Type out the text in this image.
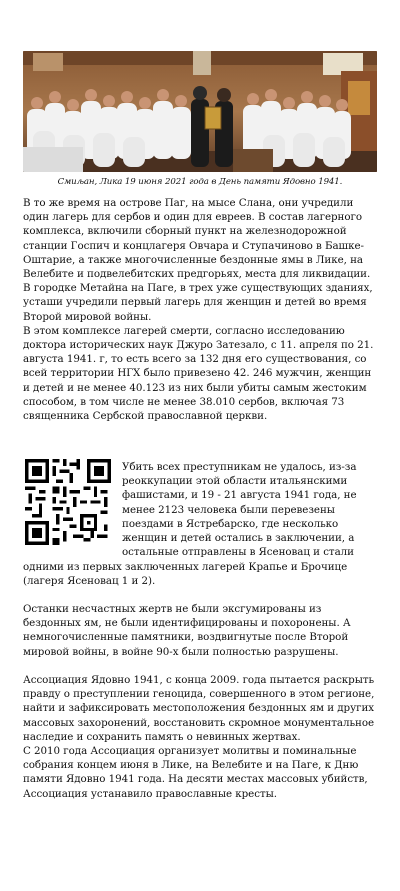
Смиљан, Лика 19 июня 2021 года в День памяти Ядовно 1941.

В то же время на острове Паг, на мысе Слана, они учредили один лагерь для сербов и один для евреев. В состав лагерного комплекса, включили сборный пункт на железнодорожной станции Госпич и концлагеря Овчара и Ступачиново в Башке-Оштарие, а также многочисленные бездонные ямы в Лике, на Велебите и подвелебитских предгорьях, места для ликвидации.

В городке Метайна на Паге, в трех уже существующих зданиях, усташи учредили первый лагерь для женщин и детей во время Второй мировой войны.

В этом комплексе лагерей смерти, согласно исследованию доктора исторических наук Джуро Затезало, с 11. апреля по 21. августа 1941. г, то есть всего за 132 дня его существования, со всей территории НГХ было привезено 42. 246 мужчин, женщин и детей и не менее 40.123 из них были убиты самым жестоким способом, в том числе не менее 38.010 сербов, включая 73 священника Сербской православной церкви.

Убить всех преступникам не удалось, из-за реоккупации этой области итальянскими фашистами, и 19 - 21 августа 1941 года, не менее 2123 человека были перевезены поездами в Ястребарско, где несколько женщин и детей остались в заключении, а остальные отправлены в Ясеновац и стали

одними из первых заключенных лагерей Крапье и Брочице (лагеря Ясеновац 1 и 2).

Останки несчастных жертв не были эксгумированы из бездонных ям, не были идентифицированы и похоронены. А немногочисленные памятники, воздвигнутые после Второй мировой войны, в войне 90-х были полностью разрушены.

Ассоциация Ядовно 1941, с конца 2009. года пытается раскрыть правду о преступлении геноцида, совершенного в этом регионе, найти и зафиксировать местоположения бездонных ям и других массовых захоронений, восстановить скромное монументальное наследие и сохранить память о невинных жертвах.

С 2010 года Ассоциация организует молитвы и поминальные собрания концем июня в Лике, на Велебите и на Паге, к Дню памяти Ядовно 1941 года. На десяти местах массовых убийств, Ассоциация устанавило православные кресты.
